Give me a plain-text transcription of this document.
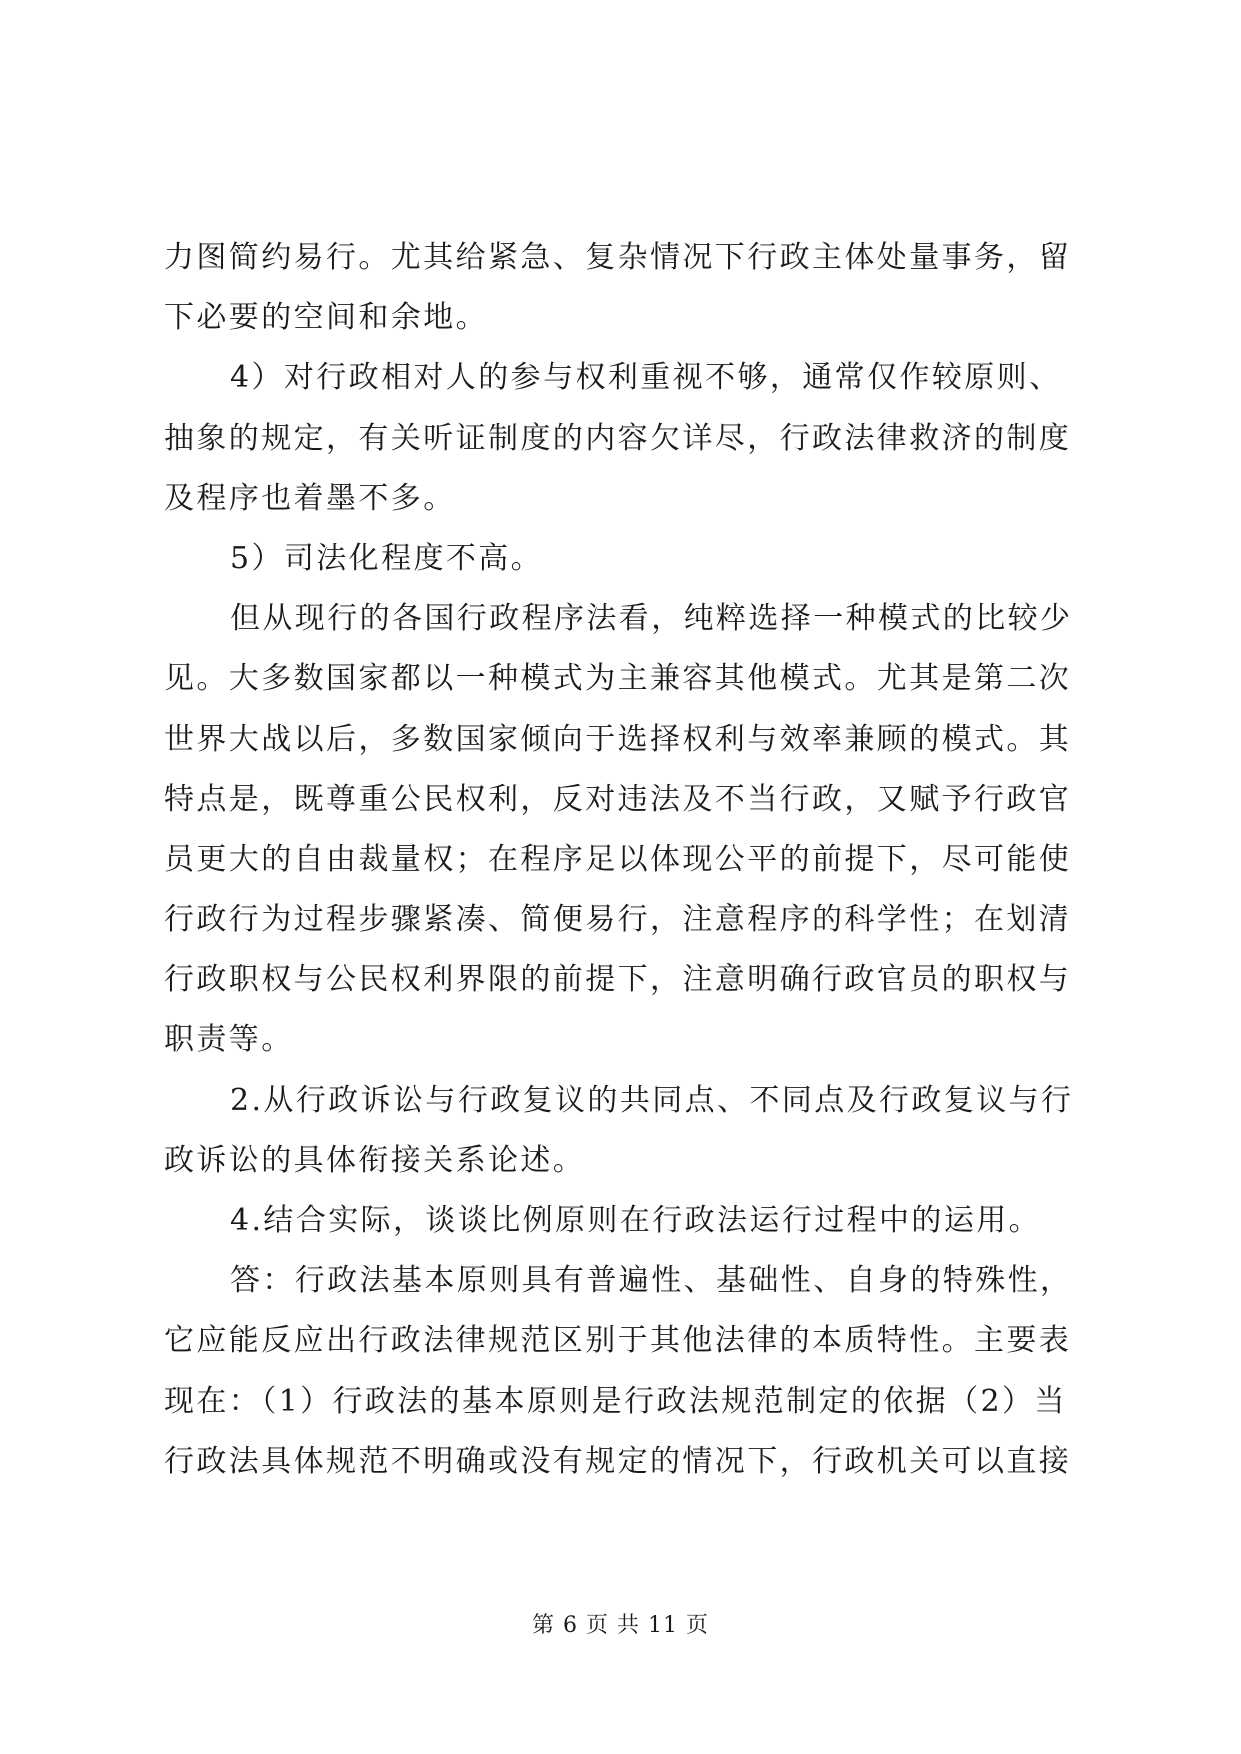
力图简约易行。尤其给紧急、复杂情况下行政主体处量事务，留
下必要的空间和余地。
4）对行政相对人的参与权利重视不够，通常仅作较原则、
抽象的规定，有关听证制度的内容欠详尽，行政法律救济的制度
及程序也着墨不多。
5）司法化程度不高。
但从现行的各国行政程序法看，纯粹选择一种模式的比较少
见。大多数国家都以一种模式为主兼容其他模式。尤其是第二次
世界大战以后，多数国家倾向于选择权利与效率兼顾的模式。其
特点是，既尊重公民权利，反对违法及不当行政，又赋予行政官
员更大的自由裁量权；在程序足以体现公平的前提下，尽可能使
行政行为过程步骤紧凑、简便易行，注意程序的科学性；在划清
行政职权与公民权利界限的前提下，注意明确行政官员的职权与
职责等。
2.从行政诉讼与行政复议的共同点、不同点及行政复议与行
政诉讼的具体衔接关系论述。
4.结合实际，谈谈比例原则在行政法运行过程中的运用。
答：行政法基本原则具有普遍性、基础性、自身的特殊性，
它应能反应出行政法律规范区别于其他法律的本质特性。主要表
现在：（1）行政法的基本原则是行政法规范制定的依据（2）当
行政法具体规范不明确或没有规定的情况下，行政机关可以直接
第 6 页 共 11 页
